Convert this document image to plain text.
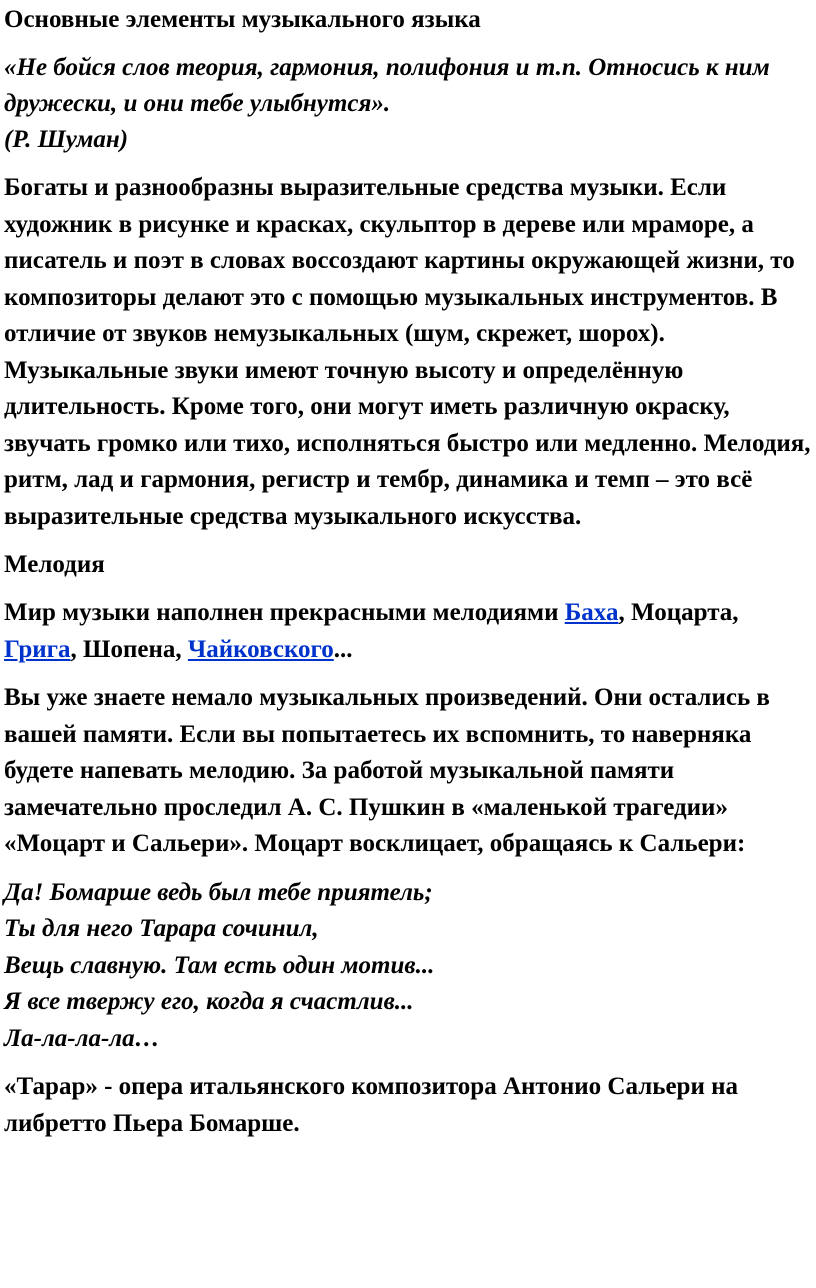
Основные элементы музыкального языка
«Не бойся слов теория, гармония, полифония и т.п. Относись к ним дружески, и они тебе улыбнутся».
(Р. Шуман)
Богаты и разнообразны выразительные средства музыки. Если художник в рисунке и красках, скульптор в дереве или мраморе, а писатель и поэт в словах воссоздают картины окружающей жизни, то композиторы делают это с помощью музыкальных инструментов. В отличие от звуков немузыкальных (шум, скрежет, шорох). Музыкальные звуки имеют точную высоту и определённую длительность. Кроме того, они могут иметь различную окраску, звучать громко или тихо, исполняться быстро или медленно. Мелодия, ритм, лад и гармония, регистр и тембр, динамика и темп – это всё выразительные средства музыкального искусства.
Мелодия
Мир музыки наполнен прекрасными мелодиями Баха, Моцарта, Грига, Шопена, Чайковского...
Вы уже знаете немало музыкальных произведений. Они остались в вашей памяти. Если вы попытаетесь их вспомнить, то наверняка будете напевать мелодию. За работой музыкальной памяти замечательно проследил А. С. Пушкин в «маленькой трагедии» «Моцарт и Сальери». Моцарт восклицает, обращаясь к Сальери:
Да! Бомарше ведь был тебе приятель;
Ты для него Тарара сочинил,
Вещь славную. Там есть один мотив...
Я все твержу его, когда я счастлив...
Ла-ла-ла-ла…
«Тарар» - опера итальянского композитора Антонио Сальери на либретто Пьера Бомарше.
